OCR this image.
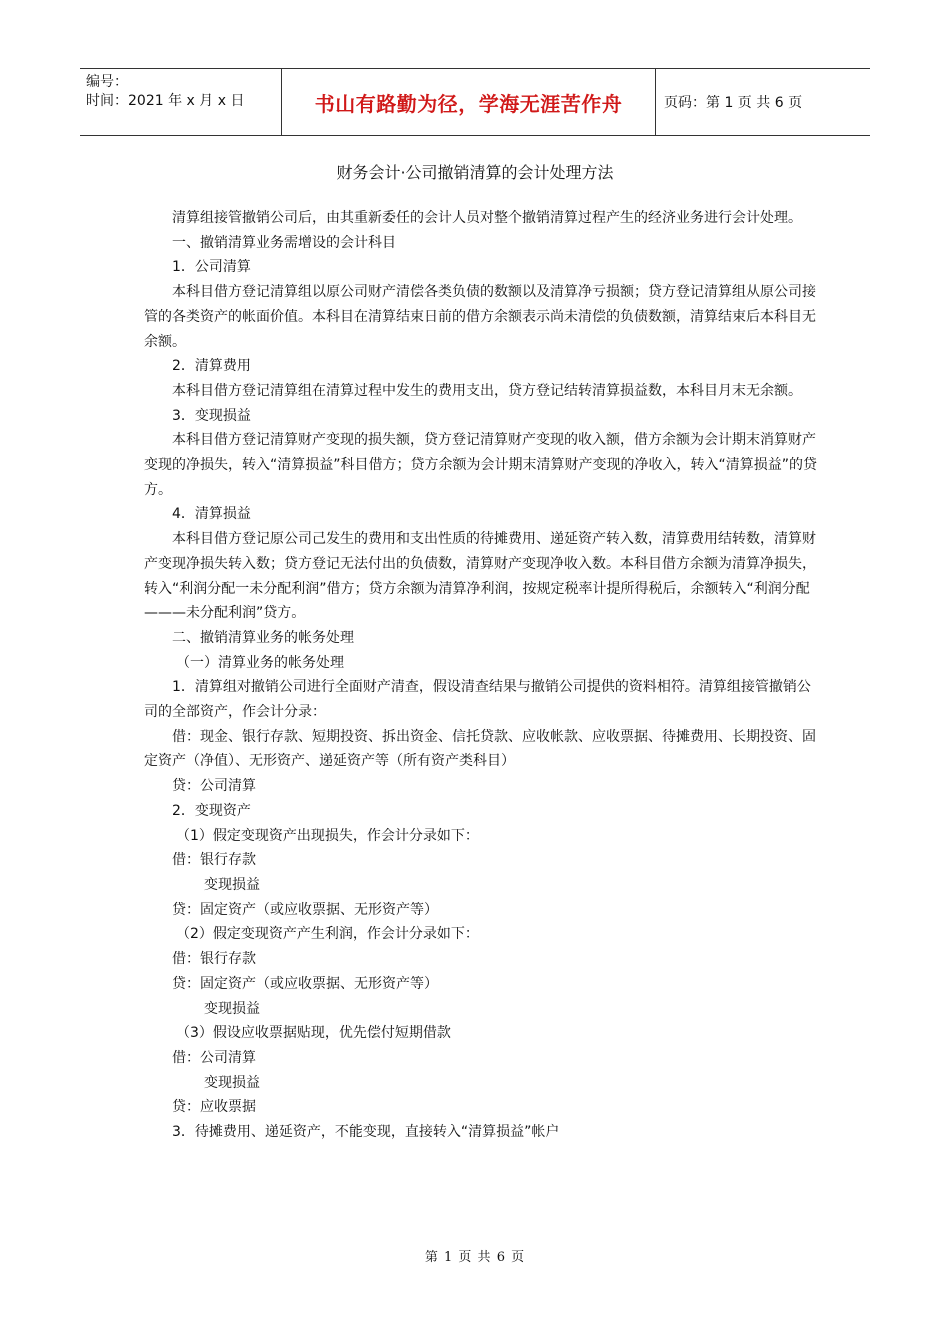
编号：
时间：2021 年 x 月 x 日	书山有路勤为径，学海无涯苦作舟	页码：第 1 页 共 6 页
财务会计·公司撤销清算的会计处理方法

清算组接管撤销公司后，由其重新委任的会计人员对整个撤销清算过程产生的经济业务进行会计处理。

一、撤销清算业务需增设的会计科目

1．公司清算

本科目借方登记清算组以原公司财产清偿各类负债的数额以及清算净亏损额；贷方登记清算组从原公司接管的各类资产的帐面价值。本科目在清算结束日前的借方余额表示尚未清偿的负债数额，清算结束后本科目无余额。

2．清算费用

本科目借方登记清算组在清算过程中发生的费用支出，贷方登记结转清算损益数，本科目月末无余额。

3．变现损益

本科目借方登记清算财产变现的损失额，贷方登记清算财产变现的收入额，借方余额为会计期末消算财产变现的净损失，转入“清算损益”科目借方；贷方余额为会计期末清算财产变现的净收入，转入“清算损益”的贷方。

4．清算损益

本科目借方登记原公司己发生的费用和支出性质的待摊费用、递延资产转入数，清算费用结转数，清算财产变现净损失转入数；贷方登记无法付出的负债数，清算财产变现净收入数。本科目借方余额为清算净损失，转入“利润分配一未分配利润”借方；贷方余额为清算净利润，按规定税率计提所得税后，余额转入“利润分配———未分配利润”贷方。

二、撤销清算业务的帐务处理

（一）清算业务的帐务处理

1．清算组对撤销公司进行全面财产清查，假设清查结果与撤销公司提供的资料相符。清算组接管撤销公司的全部资产，作会计分录：

借：现金、银行存款、短期投资、拆出资金、信托贷款、应收帐款、应收票据、待摊费用、长期投资、固定资产（净值）、无形资产、递延资产等（所有资产类科目）

贷：公司清算

2．变现资产

（1）假定变现资产出现损失，作会计分录如下：

借：银行存款

变现损益

贷：固定资产（或应收票据、无形资产等）

（2）假定变现资产产生利润，作会计分录如下：

借：银行存款

贷：固定资产（或应收票据、无形资产等）

变现损益

（3）假设应收票据贴现，优先偿付短期借款

借：公司清算

变现损益

贷：应收票据

3．待摊费用、递延资产，不能变现，直接转入“清算损益”帐户

第 1 页 共 6 页
